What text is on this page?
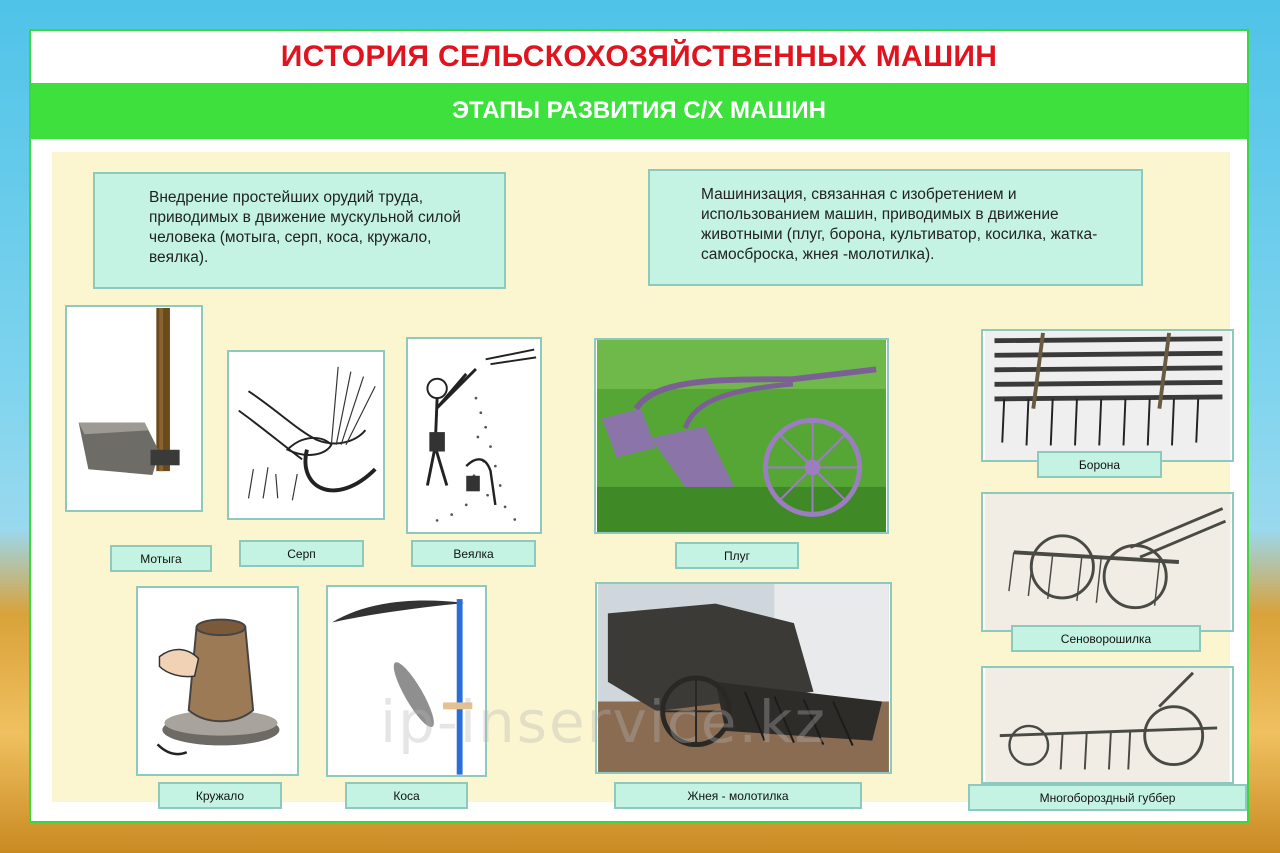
ИСТОРИЯ СЕЛЬСКОХОЗЯЙСТВЕННЫХ МАШИН
ЭТАПЫ РАЗВИТИЯ С/Х МАШИН
Внедрение простейших орудий труда, приводимых в движение мускульной силой человека (мотыга, серп, коса, кружало, веялка).
Машинизация, связанная с изобретением и использованием машин, приводимых в движение животными (плуг, борона, культиватор, косилка, жатка-самосброска, жнея -молотилка).
Мотыга	Серп	Веялка
Кружало	Коса
Плуг
Жнея - молотилка
Борона
Сеноворошилка
Многобороздный губбер
ip-inservice.kz
